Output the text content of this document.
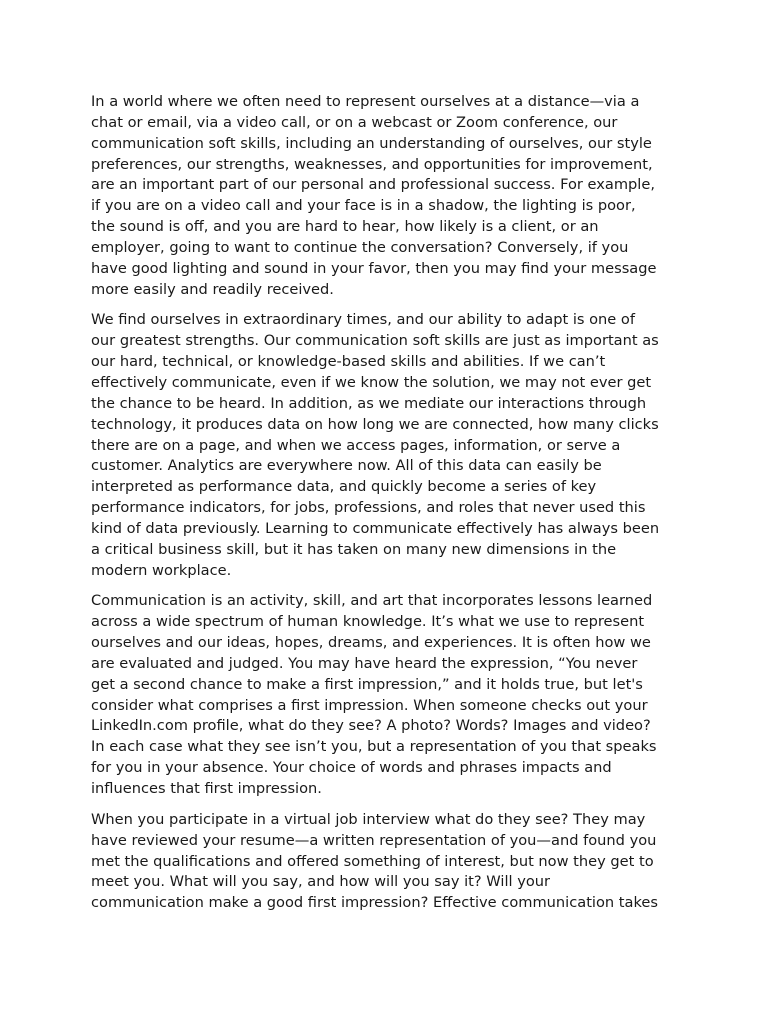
In a world where we often need to represent ourselves at a distance—via a
chat or email, via a video call, or on a webcast or Zoom conference, our
communication soft skills, including an understanding of ourselves, our style
preferences, our strengths, weaknesses, and opportunities for improvement,
are an important part of our personal and professional success. For example,
if you are on a video call and your face is in a shadow, the lighting is poor,
the sound is off, and you are hard to hear, how likely is a client, or an
employer, going to want to continue the conversation? Conversely, if you
have good lighting and sound in your favor, then you may find your message
more easily and readily received.

We find ourselves in extraordinary times, and our ability to adapt is one of
our greatest strengths. Our communication soft skills are just as important as
our hard, technical, or knowledge-based skills and abilities. If we can’t
effectively communicate, even if we know the solution, we may not ever get
the chance to be heard. In addition, as we mediate our interactions through
technology, it produces data on how long we are connected, how many clicks
there are on a page, and when we access pages, information, or serve a
customer. Analytics are everywhere now. All of this data can easily be
interpreted as performance data, and quickly become a series of key
performance indicators, for jobs, professions, and roles that never used this
kind of data previously. Learning to communicate effectively has always been
a critical business skill, but it has taken on many new dimensions in the
modern workplace.

Communication is an activity, skill, and art that incorporates lessons learned
across a wide spectrum of human knowledge. It’s what we use to represent
ourselves and our ideas, hopes, dreams, and experiences. It is often how we
are evaluated and judged. You may have heard the expression, “You never
get a second chance to make a first impression,” and it holds true, but let's
consider what comprises a first impression. When someone checks out your
LinkedIn.com profile, what do they see? A photo? Words? Images and video?
In each case what they see isn’t you, but a representation of you that speaks
for you in your absence. Your choice of words and phrases impacts and
influences that first impression.

When you participate in a virtual job interview what do they see? They may
have reviewed your resume—a written representation of you—and found you
met the qualifications and offered something of interest, but now they get to
meet you. What will you say, and how will you say it? Will your
communication make a good first impression? Effective communication takes
